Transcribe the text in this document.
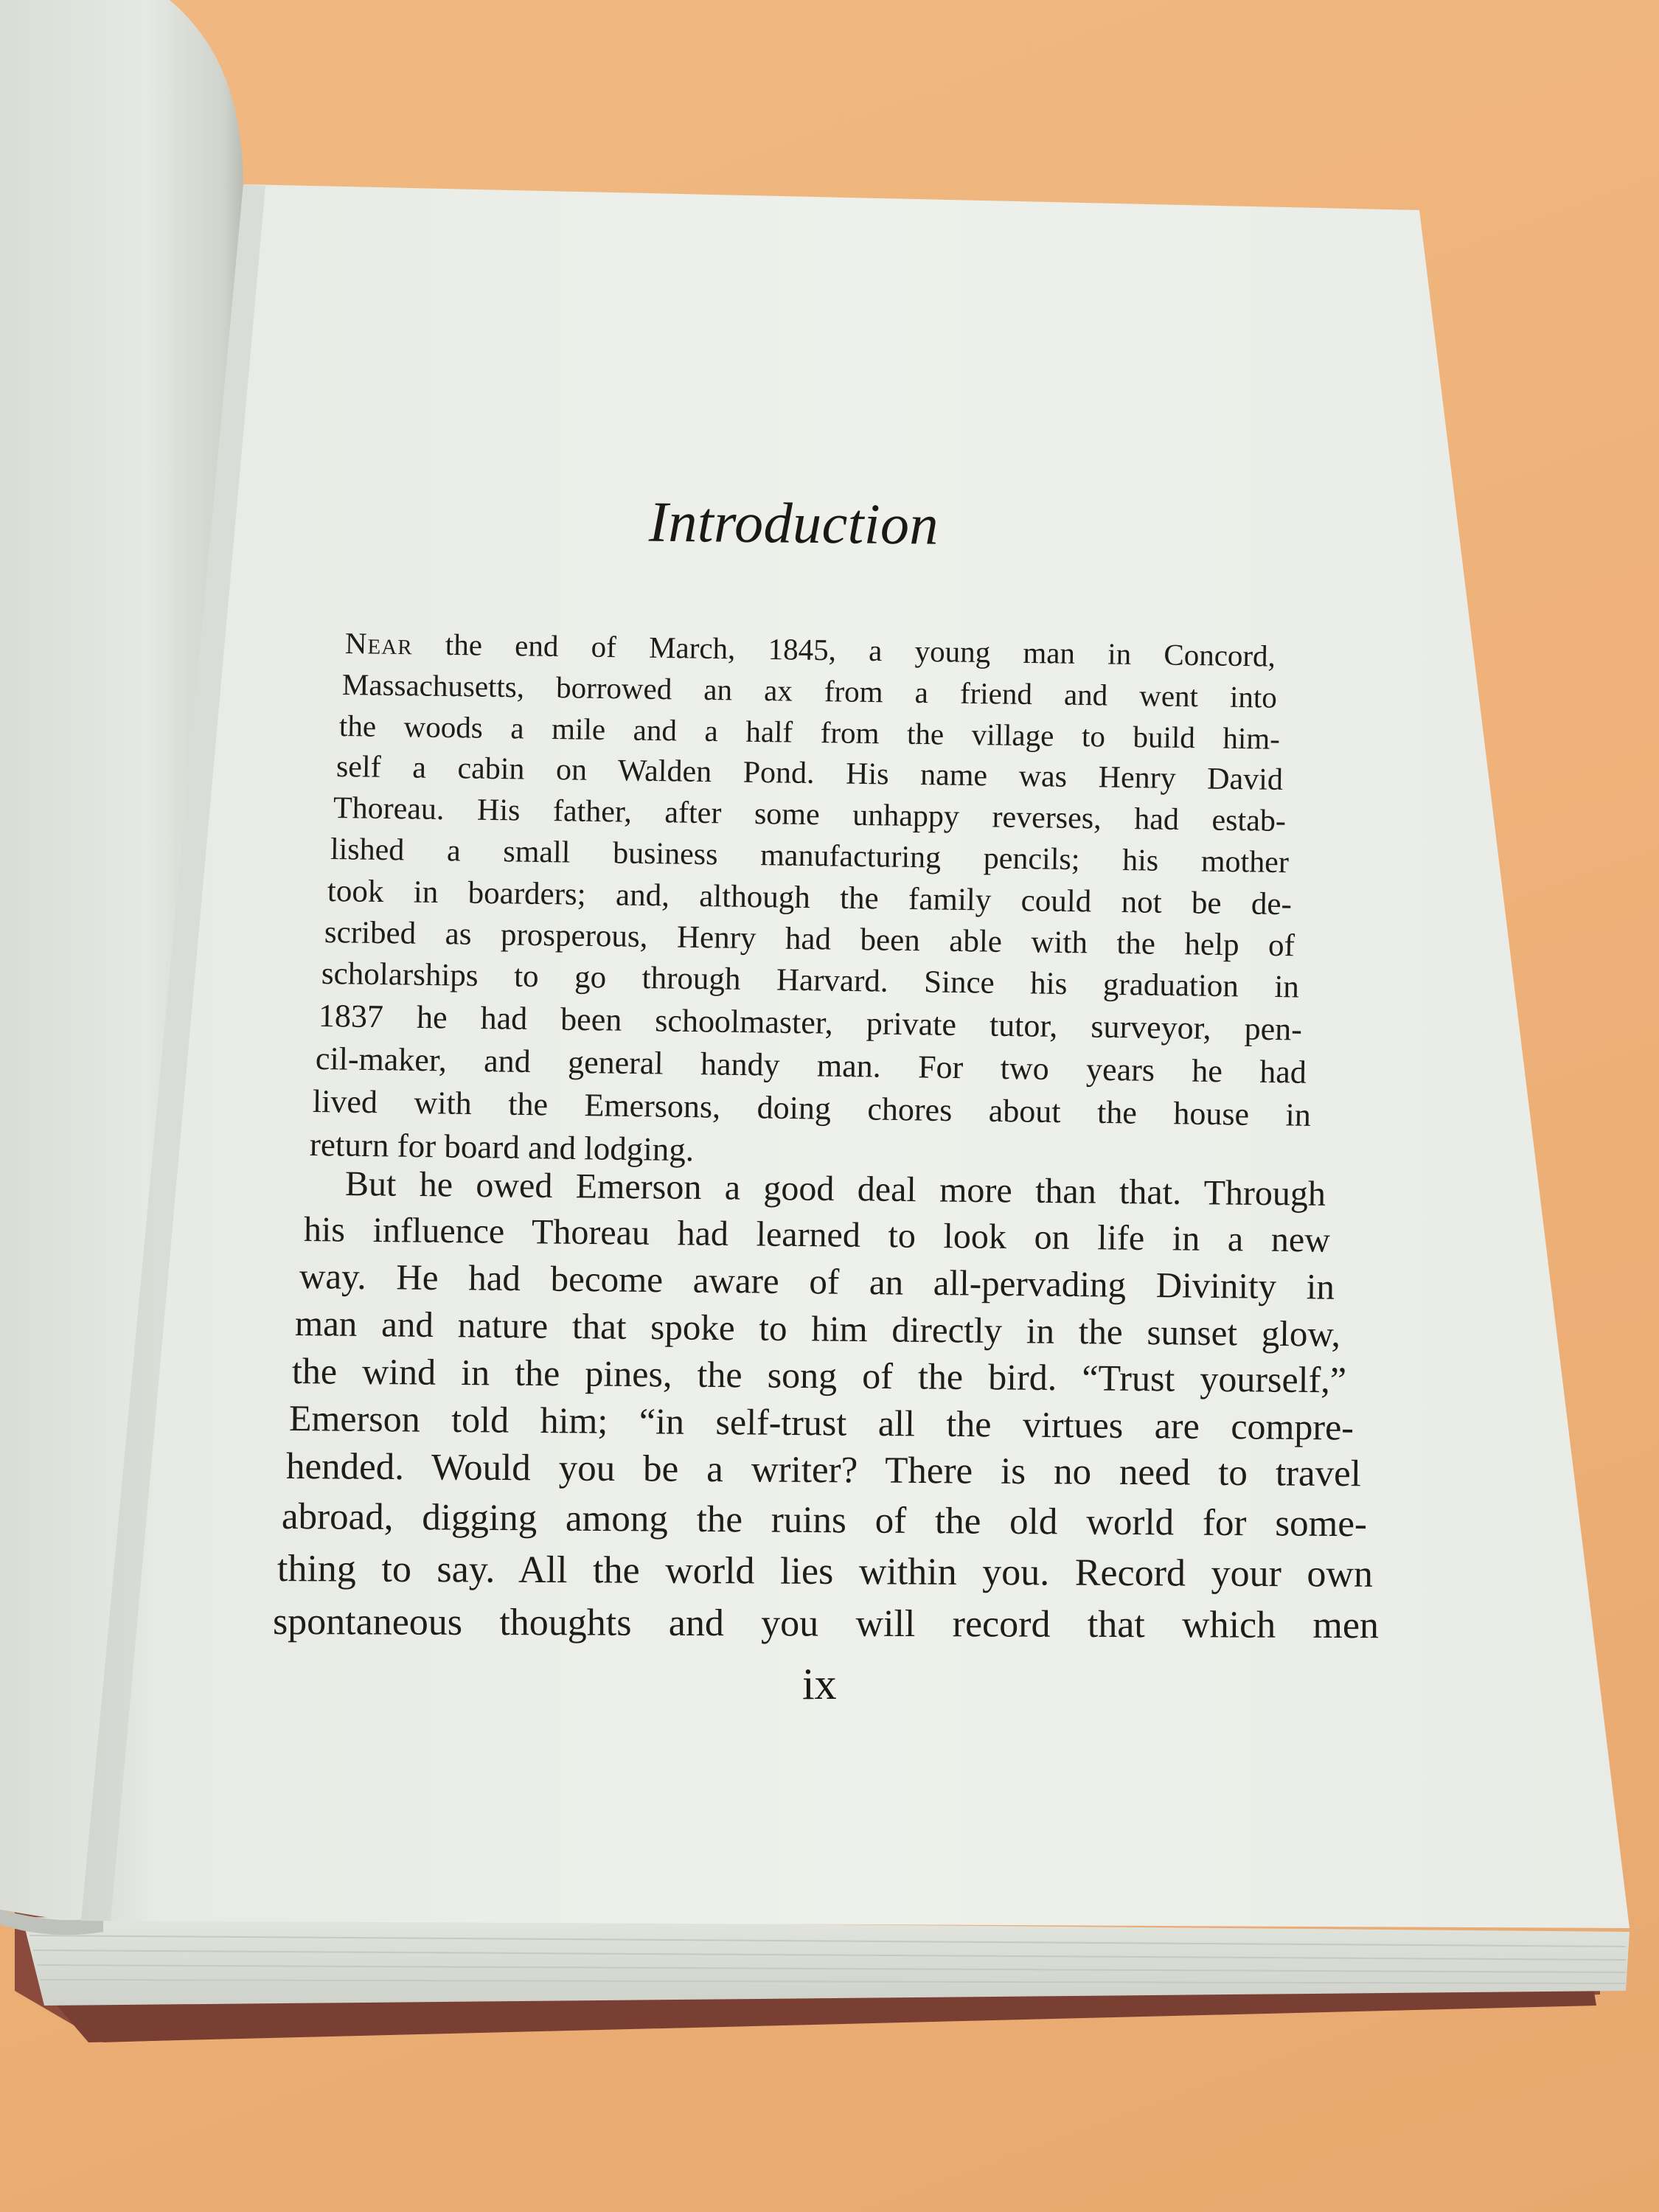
Introduction
Near the end of March, 1845, a young man in Concord,
Massachusetts, borrowed an ax from a friend and went into
the woods a mile and a half from the village to build him-
self a cabin on Walden Pond. His name was Henry David
Thoreau. His father, after some unhappy reverses, had estab-
lished a small business manufacturing pencils; his mother
took in boarders; and, although the family could not be de-
scribed as prosperous, Henry had been able with the help of
scholarships to go through Harvard. Since his graduation in
1837 he had been schoolmaster, private tutor, surveyor, pen-
cil-maker, and general handy man. For two years he had
lived with the Emersons, doing chores about the house in
return for board and lodging.
But he owed Emerson a good deal more than that. Through
his influence Thoreau had learned to look on life in a new
way. He had become aware of an all-pervading Divinity in
man and nature that spoke to him directly in the sunset glow,
the wind in the pines, the song of the bird. “Trust yourself,”
Emerson told him; “in self-trust all the virtues are compre-
hended. Would you be a writer? There is no need to travel
abroad, digging among the ruins of the old world for some-
thing to say. All the world lies within you. Record your own
spontaneous thoughts and you will record that which men
ix
